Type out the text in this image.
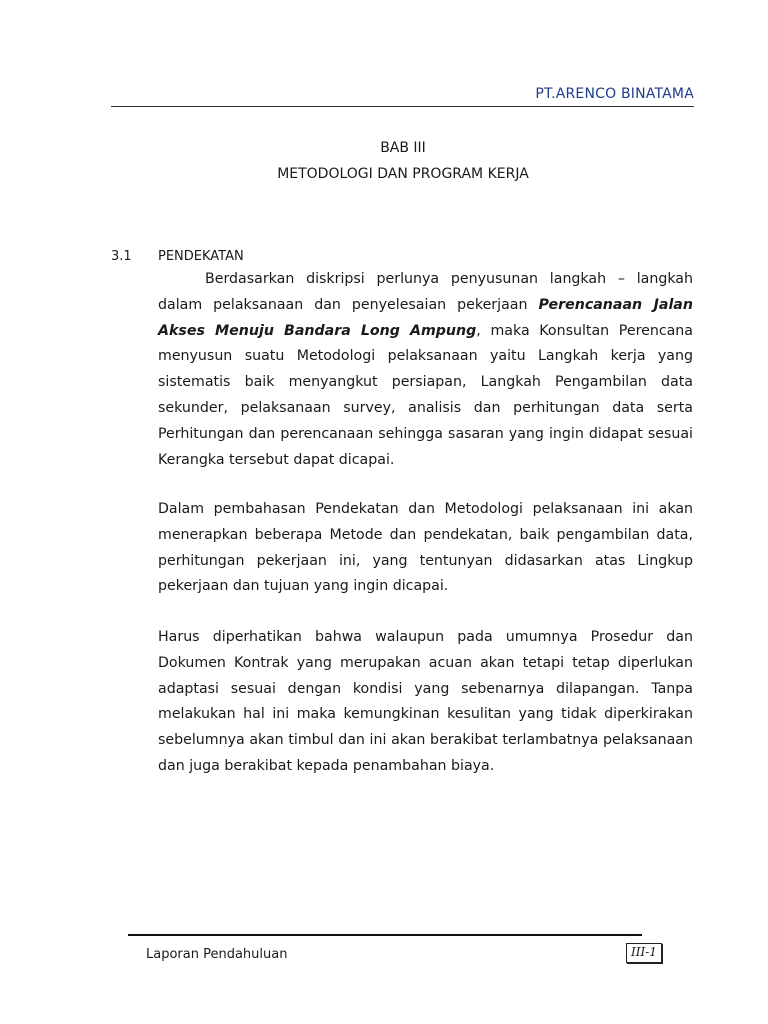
PT.ARENCO BINATAMA
BAB III
METODOLOGI DAN PROGRAM KERJA
3.1 PENDEKATAN

Berdasarkan diskripsi perlunya penyusunan langkah – langkah dalam pelaksanaan dan penyelesaian pekerjaan Perencanaan Jalan Akses Menuju Bandara Long Ampung, maka Konsultan Perencana menyusun suatu Metodologi pelaksanaan yaitu Langkah kerja yang sistematis baik menyangkut persiapan, Langkah Pengambilan data sekunder, pelaksanaan survey, analisis dan perhitungan data serta Perhitungan dan perencanaan sehingga sasaran yang ingin didapat sesuai Kerangka tersebut dapat dicapai.

Dalam pembahasan Pendekatan dan Metodologi pelaksanaan ini akan menerapkan beberapa Metode dan pendekatan, baik pengambilan data, perhitungan pekerjaan ini, yang tentunyan didasarkan atas Lingkup pekerjaan dan tujuan yang ingin dicapai.

Harus diperhatikan bahwa walaupun pada umumnya Prosedur dan Dokumen Kontrak yang merupakan acuan akan tetapi tetap diperlukan adaptasi sesuai dengan kondisi yang sebenarnya dilapangan. Tanpa melakukan hal ini maka kemungkinan kesulitan yang tidak diperkirakan sebelumnya akan timbul dan ini akan berakibat terlambatnya pelaksanaan dan juga berakibat kepada penambahan biaya.

Laporan Pendahuluan	III-1
